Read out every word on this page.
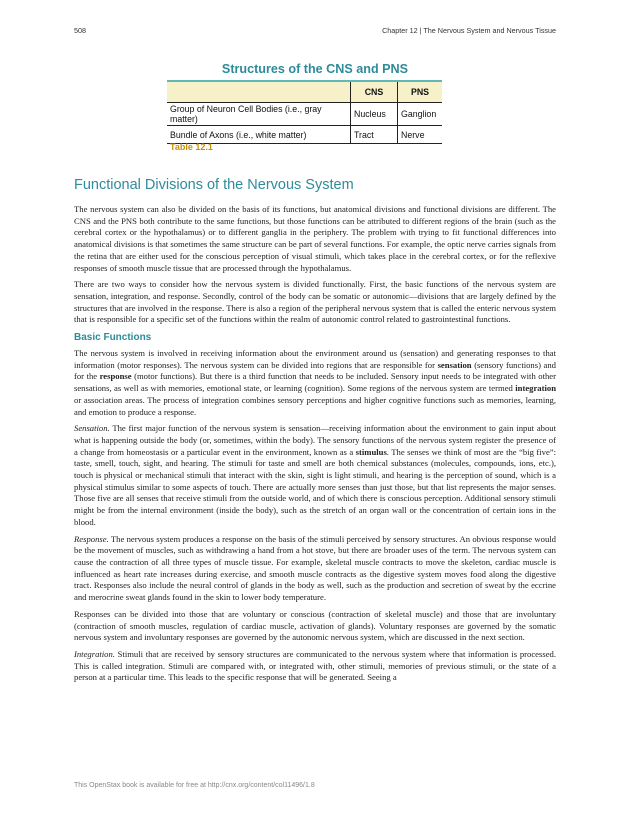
508	Chapter 12 | The Nervous System and Nervous Tissue
Structures of the CNS and PNS
	CNS	PNS
Group of Neuron Cell Bodies (i.e., gray matter)	Nucleus	Ganglion
Bundle of Axons (i.e., white matter)	Tract	Nerve
Table 12.1
Functional Divisions of the Nervous System

The nervous system can also be divided on the basis of its functions, but anatomical divisions and functional divisions are different. The CNS and the PNS both contribute to the same functions, but those functions can be attributed to different regions of the brain (such as the cerebral cortex or the hypothalamus) or to different ganglia in the periphery. The problem with trying to fit functional differences into anatomical divisions is that sometimes the same structure can be part of several functions. For example, the optic nerve carries signals from the retina that are either used for the conscious perception of visual stimuli, which takes place in the cerebral cortex, or for the reflexive responses of smooth muscle tissue that are processed through the hypothalamus.

There are two ways to consider how the nervous system is divided functionally. First, the basic functions of the nervous system are sensation, integration, and response. Secondly, control of the body can be somatic or autonomic—divisions that are largely defined by the structures that are involved in the response. There is also a region of the peripheral nervous system that is called the enteric nervous system that is responsible for a specific set of the functions within the realm of autonomic control related to gastrointestinal functions.

Basic Functions

The nervous system is involved in receiving information about the environment around us (sensation) and generating responses to that information (motor responses). The nervous system can be divided into regions that are responsible for sensation (sensory functions) and for the response (motor functions). But there is a third function that needs to be included. Sensory input needs to be integrated with other sensations, as well as with memories, emotional state, or learning (cognition). Some regions of the nervous system are termed integration or association areas. The process of integration combines sensory perceptions and higher cognitive functions such as memories, learning, and emotion to produce a response.

Sensation. The first major function of the nervous system is sensation—receiving information about the environment to gain input about what is happening outside the body (or, sometimes, within the body). The sensory functions of the nervous system register the presence of a change from homeostasis or a particular event in the environment, known as a stimulus. The senses we think of most are the “big five”: taste, smell, touch, sight, and hearing. The stimuli for taste and smell are both chemical substances (molecules, compounds, ions, etc.), touch is physical or mechanical stimuli that interact with the skin, sight is light stimuli, and hearing is the perception of sound, which is a physical stimulus similar to some aspects of touch. There are actually more senses than just those, but that list represents the major senses. Those five are all senses that receive stimuli from the outside world, and of which there is conscious perception. Additional sensory stimuli might be from the internal environment (inside the body), such as the stretch of an organ wall or the concentration of certain ions in the blood.

Response. The nervous system produces a response on the basis of the stimuli perceived by sensory structures. An obvious response would be the movement of muscles, such as withdrawing a hand from a hot stove, but there are broader uses of the term. The nervous system can cause the contraction of all three types of muscle tissue. For example, skeletal muscle contracts to move the skeleton, cardiac muscle is influenced as heart rate increases during exercise, and smooth muscle contracts as the digestive system moves food along the digestive tract. Responses also include the neural control of glands in the body as well, such as the production and secretion of sweat by the eccrine and merocrine sweat glands found in the skin to lower body temperature.

Responses can be divided into those that are voluntary or conscious (contraction of skeletal muscle) and those that are involuntary (contraction of smooth muscles, regulation of cardiac muscle, activation of glands). Voluntary responses are governed by the somatic nervous system and involuntary responses are governed by the autonomic nervous system, which are discussed in the next section.

Integration. Stimuli that are received by sensory structures are communicated to the nervous system where that information is processed. This is called integration. Stimuli are compared with, or integrated with, other stimuli, memories of previous stimuli, or the state of a person at a particular time. This leads to the specific response that will be generated. Seeing a

This OpenStax book is available for free at http://cnx.org/content/col11496/1.8
